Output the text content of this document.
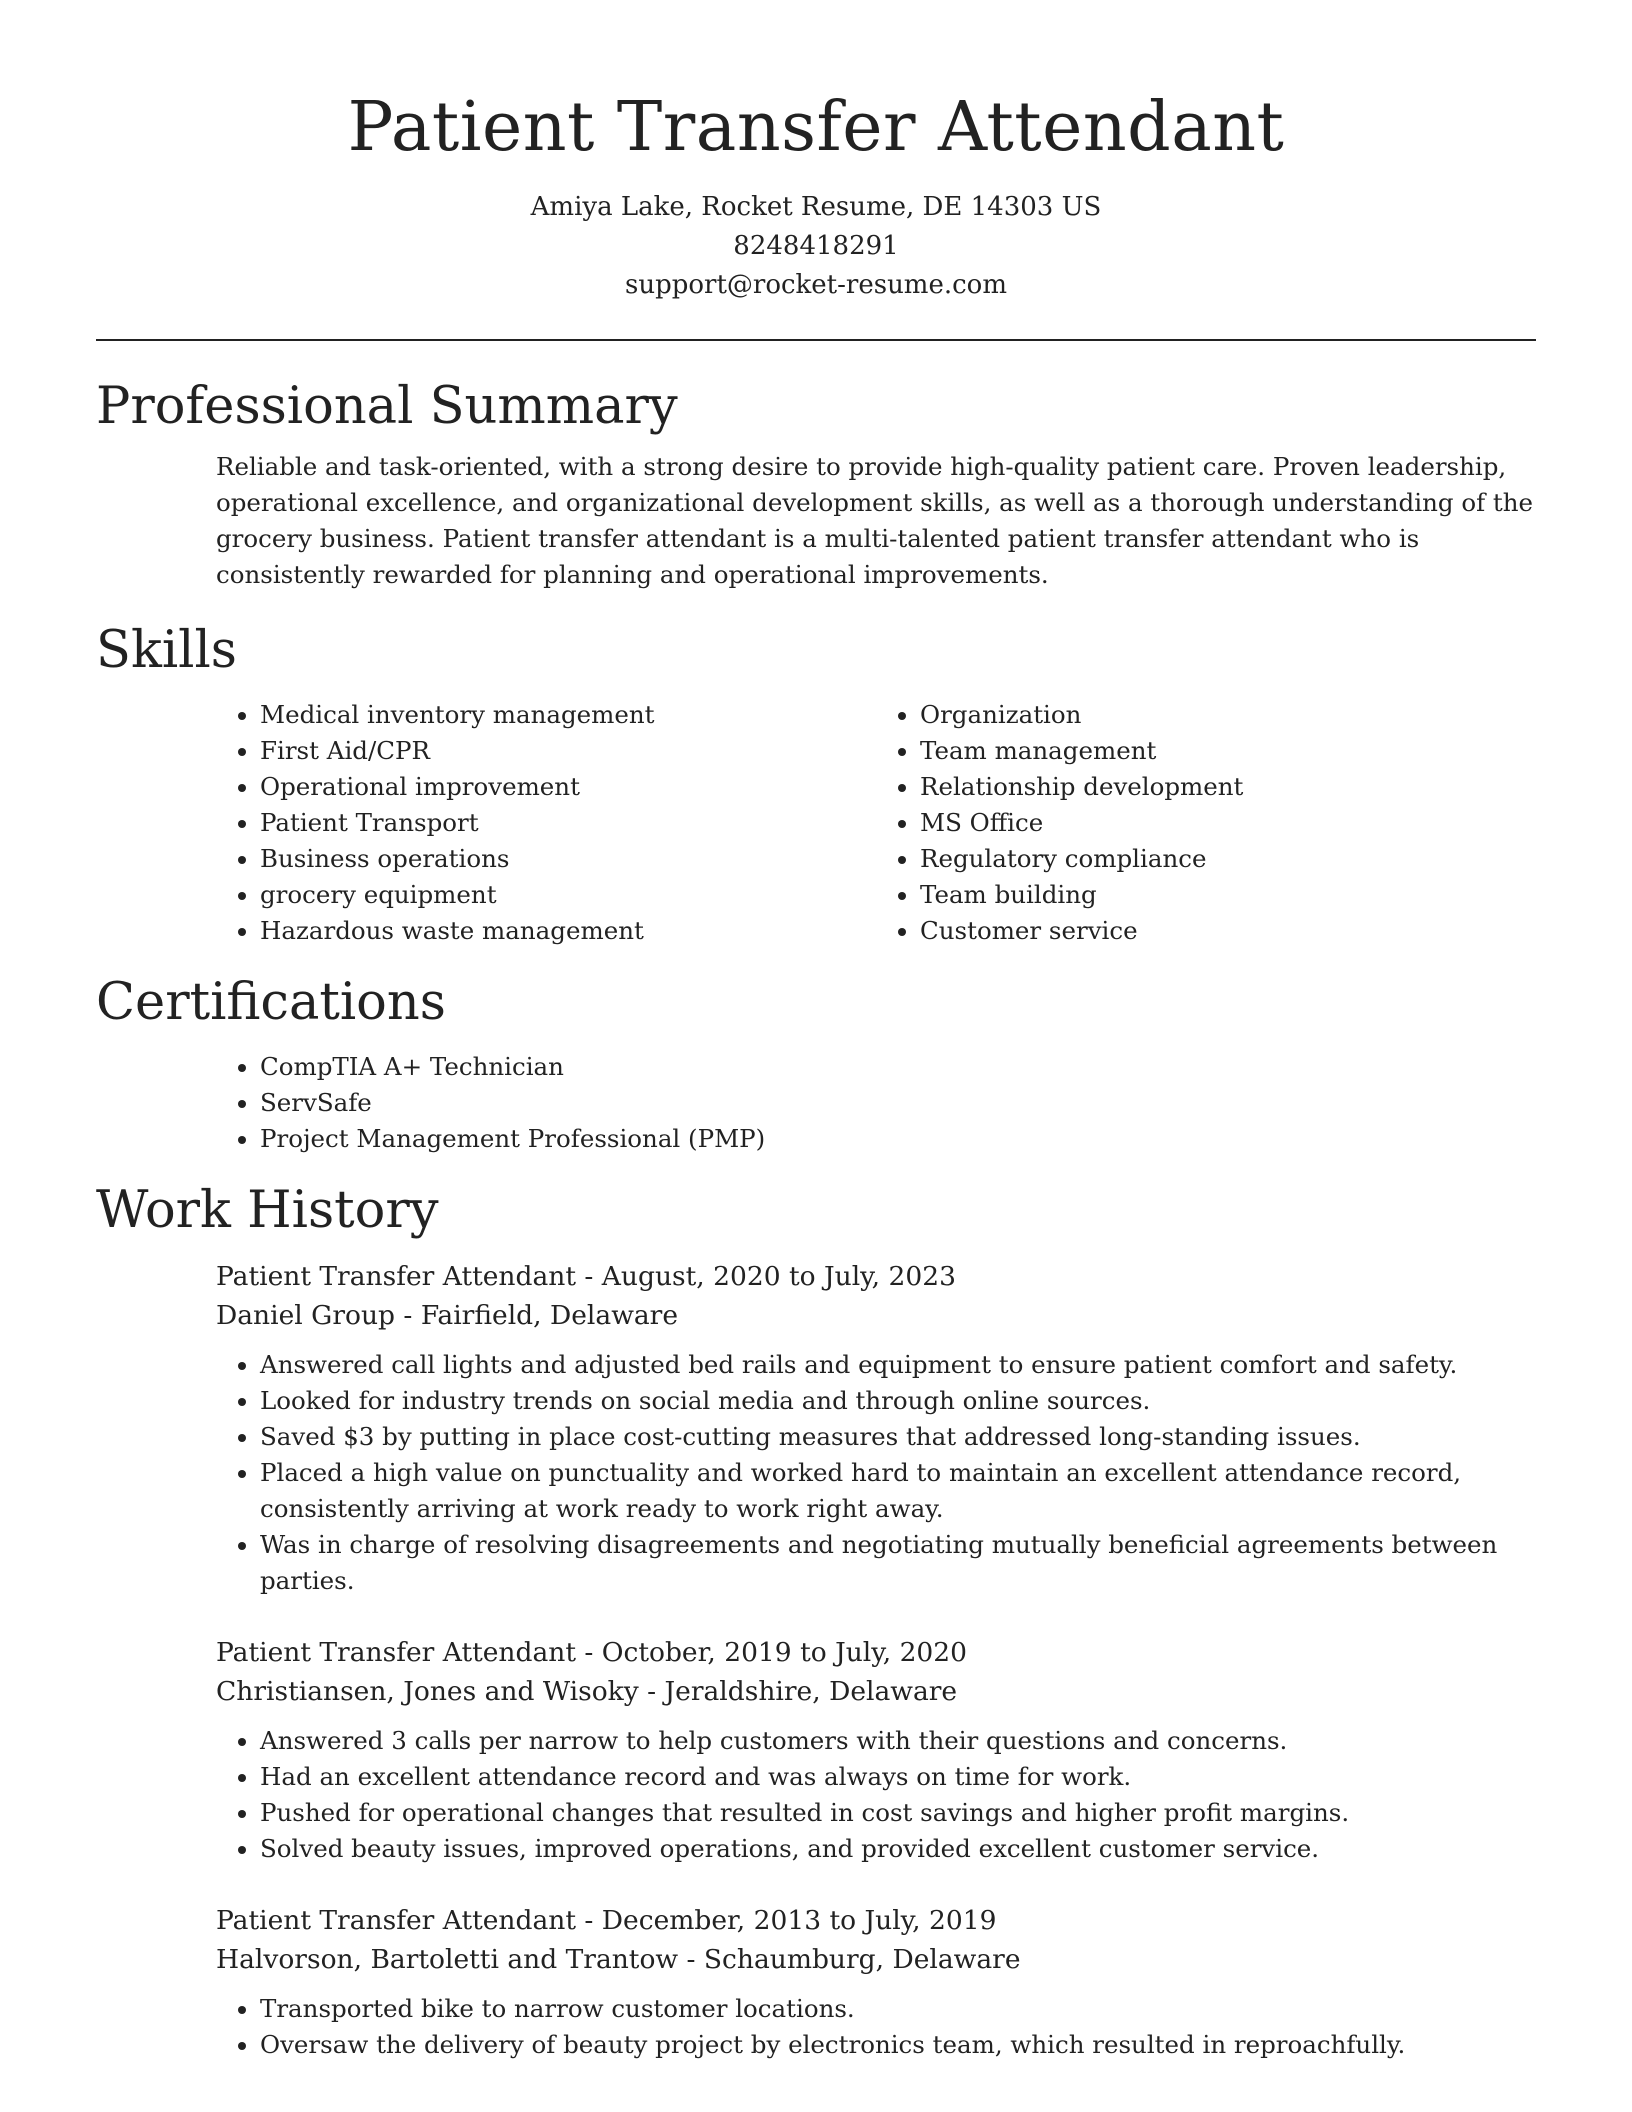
Patient Transfer Attendant
Amiya Lake, Rocket Resume, DE 14303 US
8248418291
support@rocket-resume.com
Professional Summary

Reliable and task-oriented, with a strong desire to provide high-quality patient care. Proven leadership, operational excellence, and organizational development skills, as well as a thorough understanding of the grocery business. Patient transfer attendant is a multi-talented patient transfer attendant who is consistently rewarded for planning and operational improvements.

Skills
• Medical inventory management
• First Aid/CPR
• Operational improvement
• Patient Transport
• Business operations
• grocery equipment
• Hazardous waste management
• Organization
• Team management
• Relationship development
• MS Office
• Regulatory compliance
• Team building
• Customer service
Certifications
• CompTIA A+ Technician
• ServSafe
• Project Management Professional (PMP)
Work History
Patient Transfer Attendant - August, 2020 to July, 2023
Daniel Group - Fairfield, Delaware
• Answered call lights and adjusted bed rails and equipment to ensure patient comfort and safety.
• Looked for industry trends on social media and through online sources.
• Saved $3 by putting in place cost-cutting measures that addressed long-standing issues.
• Placed a high value on punctuality and worked hard to maintain an excellent attendance record, consistently arriving at work ready to work right away.
• Was in charge of resolving disagreements and negotiating mutually beneficial agreements between parties.
Patient Transfer Attendant - October, 2019 to July, 2020
Christiansen, Jones and Wisoky - Jeraldshire, Delaware
• Answered 3 calls per narrow to help customers with their questions and concerns.
• Had an excellent attendance record and was always on time for work.
• Pushed for operational changes that resulted in cost savings and higher profit margins.
• Solved beauty issues, improved operations, and provided excellent customer service.
Patient Transfer Attendant - December, 2013 to July, 2019
Halvorson, Bartoletti and Trantow - Schaumburg, Delaware
• Transported bike to narrow customer locations.
• Oversaw the delivery of beauty project by electronics team, which resulted in reproachfully.
